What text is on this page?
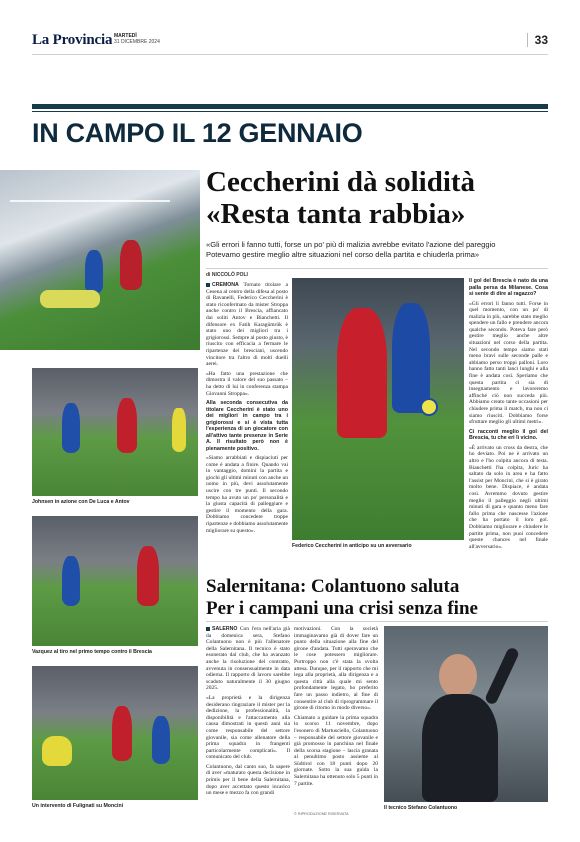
La Provincia MARTEDÌ
31 DICEMBRE 2024	33
IN CAMPO IL 12 GENNAIO
Johnsen in azione con De Luca e Antov
Vazquez al tiro nel primo tempo contro il Brescia
Un intervento di Fulignati su Moncini
Ceccherini dà solidità
«Resta tanta rabbia»
«Gli errori li fanno tutti, forse un po' più di malizia avrebbe evitato l'azione del pareggio
Potevamo gestire meglio altre situazioni nel corso della partita e chiuderla prima»
di NICCOLÒ POLI

CREMONA Tornato titolare a Cesena al centro della difesa al posto di Ravanelli, Federico Ceccherini è stato riconfermato da mister Stroppa anche contro il Brescia, affiancato dai soliti Antov e Bianchetti. Il difensore ex Fatih Karagümrük è stato uno dei migliori tra i grigiorossi. Sempre al posto giusto, è riuscito con efficacia a fermare le ripartenze dei bresciani, uscendo vincitore tra l'altro di molti duelli aerei.

«Ha fatto una prestazione che dimostra il valore del suo passato – ha detto di lui in conferenza stampa Giovanni Stroppa».

Alla seconda consecutiva da titolare Ceccherini è stato uno dei migliori in campo tra i grigiorossi e si è vista tutta l'esperienza di un giocatore con all'attivo tante presenze in Serie A. Il risultato però non è pienamente positivo.

«Siamo arrabbiati e dispiaciuti per come è andata a finire. Quando vai in vantaggio, domini la partita e giochi gli ultimi minuti con anche un uomo in più, devi assolutamente uscire con tre punti. Il secondo tempo ha avuto un po' personalità e la giusta capacità di palleggiare e gestire il momento della gara. Dobbiamo concedere troppe ripartenze e dobbiamo assolutamente migliorare su questo».

Federico Ceccherini in anticipo su un avversario

Il gol del Brescia è nato da una palla persa da Milanese. Cosa si sente di dire al ragazzo?

«Gli errori li fanno tutti. Forse in quel momento, con un po' di malizia in più, sarebbe stato meglio spendere un fallo e prendere ancora qualche secondo. Poteva fare però gestire meglio anche altre situazioni nel corso della partita. Nel secondo tempo siamo stati meno bravi sulle seconde palle e abbiamo perso troppi palloni. Loro hanno fatto tanti lanci lunghi e alla fine è andata così. Speriamo che questa partita ci sia di insegnamento e lavoreremo affinché ciò non succeda più. Abbiamo creato tante occasioni per chiudere prima il match, ma non ci siamo riusciti. Dobbiamo forse sfruttare meglio gli ultimi metri».

Ci racconti meglio il gol del Brescia, tu che eri lì vicino.

«È arrivato un cross da destra, che ho deviato. Poi ne è arrivato un altro e l'ho colpita ancora di testa. Bianchetti l'ha colpita, Juric ha saltato da solo in area e ha fatto l'assist per Moncini, che si è girato molto bene. Dispiace, è andata così. Avremmo dovuto gestire meglio il palleggio negli ultimi minuti di gara e quanto meno fare fallo prima che nascesse l'azione che ha portato il loro gol. Dobbiamo migliorare e chiudere le partite prima, non puoi concedere queste chances nel finale all'avversario».

Salernitana: Colantuono saluta
Per i campani una crisi senza fine

SALERNO Con l'era nell'aria già da domenica sera, Stefano Colantuono non è più l'allenatore della Salernitana. Il tecnico è stato esonerato dal club, che ha avanzato anche la risoluzione del contratto, avvenuta in consensualmente in data odierna. Il rapporto di lavoro sarebbe scaduto naturalmente il 30 giugno 2025.

«La proprietà e la dirigenza desiderano ringraziare il mister per la dedizione, la professionalità, la disponibilità e l'attaccamento alla causa dimostrati in questi anni sia come responsabile del settore giovanile, sia come allenatore della prima squadra in frangenti particolarmente complicati». Il comunicato del club.

Colantuono, dal canto suo, fa sapere di aver «maturato questa decisione in primis per il bene della Salernitana, dopo aver accettato questo incarico un mese e mezzo fa con grandi

motivazioni. Con la società immaginavamo già di dover fare un punto della situazione alla fine del girone d'andata. Tutti speravamo che le cose potessero migliorare. Purtroppo non c'è stata la svolta attesa. Dunque, per il rapporto che mi lega alla proprietà, alla dirigenza e a questa città alla quale mi sento profondamente legato, ho preferito fare un passo indietro, al fine di consentire al club di riprogrammare il girone di ritorno in modo diverso».

Chiamato a guidare la prima squadra lo scorso 11 novembre, dopo l'esonero di Martusciello, Colantuono – responsabile del settore giovanile e già promosso in panchina nel finale della scorsa stagione – lascia granata al penultimo posto assieme al Südtirol con 18 punti dopo 20 giornate. Sotto la sua guida la Salernitana ha ottenuto solo 5 punti in 7 partite.

© RIPRODUZIONE RISERVATA
Il tecnico Stefano Colantuono
